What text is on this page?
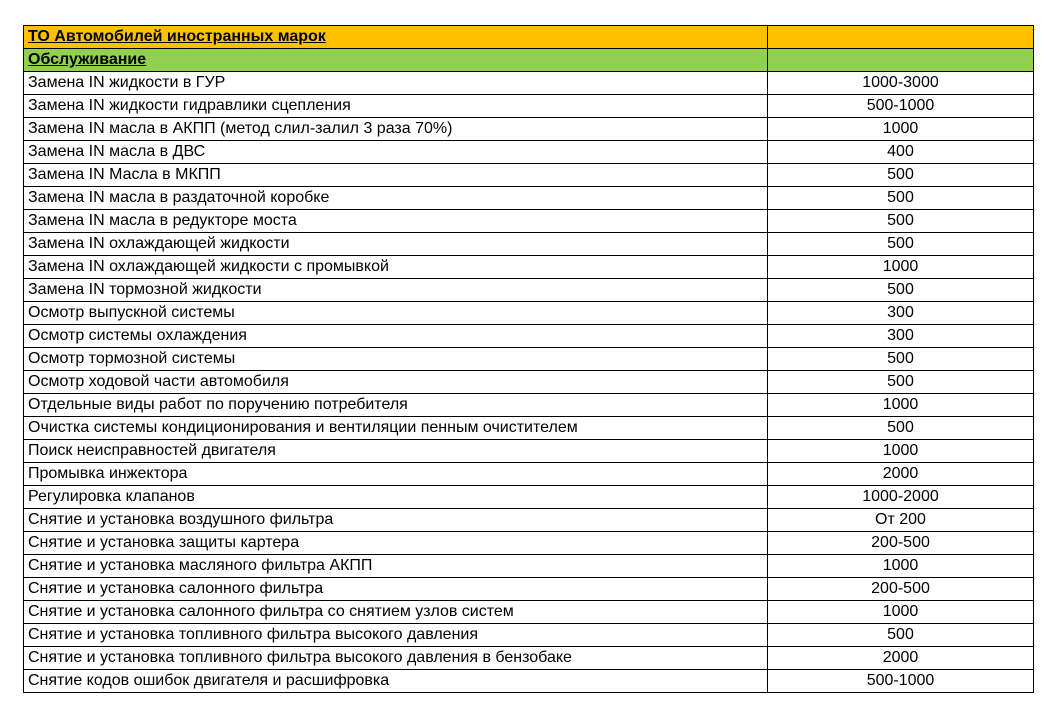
ТО Автомобилей иностранных марок	
Обслуживание	
Замена IN жидкости в ГУР	1000-3000
Замена IN жидкости гидравлики сцепления	500-1000
Замена IN масла в АКПП (метод слил-залил 3 раза 70%)	1000
Замена IN масла в ДВС	400
Замена IN Масла в МКПП	500
Замена IN масла в раздаточной коробке	500
Замена IN масла в редукторе моста	500
Замена IN охлаждающей жидкости	500
Замена IN охлаждающей жидкости с промывкой	1000
Замена IN тормозной жидкости	500
Осмотр выпускной системы	300
Осмотр системы охлаждения	300
Осмотр тормозной системы	500
Осмотр ходовой части автомобиля	500
Отдельные виды работ по поручению потребителя	1000
Очистка системы кондиционирования и вентиляции пенным очистителем	500
Поиск неисправностей двигателя	1000
Промывка инжектора	2000
Регулировка клапанов	1000-2000
Снятие и установка воздушного фильтра	От 200
Снятие и установка защиты картера	200-500
Снятие и установка масляного фильтра АКПП	1000
Снятие и установка салонного фильтра	200-500
Снятие и установка салонного фильтра со снятием узлов систем	1000
Снятие и установка топливного фильтра высокого давления	500
Снятие и установка топливного фильтра высокого давления в бензобаке	2000
Снятие кодов ошибок двигателя и расшифровка	500-1000
